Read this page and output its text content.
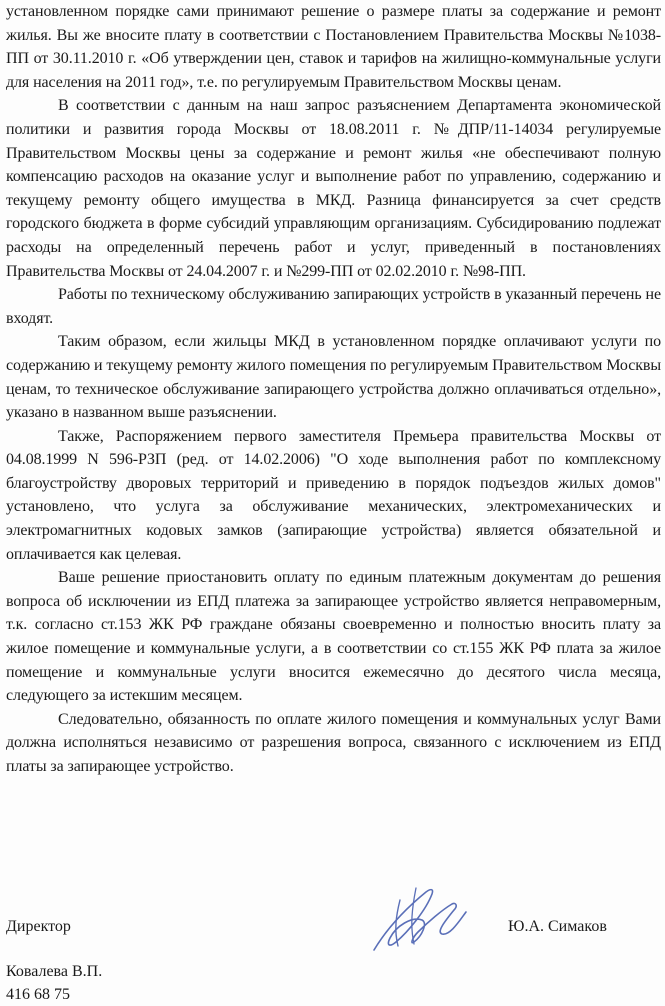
установленном порядке сами принимают решение о размере платы за содержание и ремонт жилья. Вы же вносите плату в соответствии с Постановлением Правительства Москвы №1038-ПП от 30.11.2010 г. «Об утверждении цен, ставок и тарифов на жилищно-коммунальные услуги для населения на 2011 год», т.е. по регулируемым Правительством Москвы ценам.

В соответствии с данным на наш запрос разъяснением Департамента экономической политики и развития города Москвы от 18.08.2011 г. №ДПР/11-14034 регулируемые Правительством Москвы цены за содержание и ремонт жилья «не обеспечивают полную компенсацию расходов на оказание услуг и выполнение работ по управлению, содержанию и текущему ремонту общего имущества в МКД. Разница финансируется за счет средств городского бюджета в форме субсидий управляющим организациям. Субсидированию подлежат расходы на определенный перечень работ и услуг, приведенный в постановлениях Правительства Москвы от 24.04.2007 г. и №299-ПП от 02.02.2010 г. №98-ПП.

Работы по техническому обслуживанию запирающих устройств в указанный перечень не входят.

Таким образом, если жильцы МКД в установленном порядке оплачивают услуги по содержанию и текущему ремонту жилого помещения по регулируемым Правительством Москвы ценам, то техническое обслуживание запирающего устройства должно оплачиваться отдельно», указано в названном выше разъяснении.

Также, Распоряжением первого заместителя Премьера правительства Москвы от 04.08.1999 N 596-РЗП (ред. от 14.02.2006) "О ходе выполнения работ по комплексному благоустройству дворовых территорий и приведению в порядок подъездов жилых домов" установлено, что услуга за обслуживание механических, электромеханических и электромагнитных кодовых замков (запирающие устройства) является обязательной и оплачивается как целевая.

Ваше решение приостановить оплату по единым платежным документам до решения вопроса об исключении из ЕПД платежа за запирающее устройство является неправомерным, т.к. согласно ст.153 ЖК РФ граждане обязаны своевременно и полностью вносить плату за жилое помещение и коммунальные услуги, а в соответствии со ст.155 ЖК РФ плата за жилое помещение и коммунальные услуги вносится ежемесячно до десятого числа месяца, следующего за истекшим месяцем.

Следовательно, обязанность по оплате жилого помещения и коммунальных услуг Вами должна исполняться независимо от разрешения вопроса, связанного с исключением из ЕПД платы за запирающее устройство.

Директор	Ю.А. Симаков
Ковалева В.П.
416 68 75
